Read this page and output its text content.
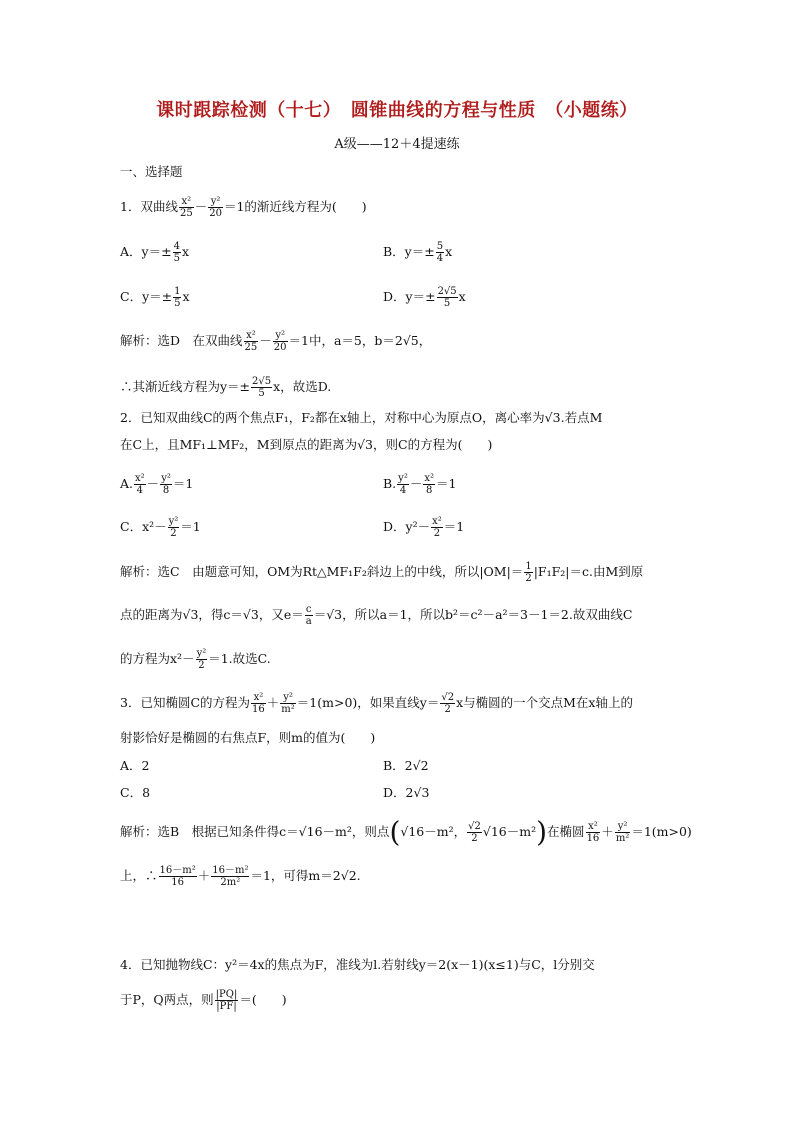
课时跟踪检测（十七）　圆锥曲线的方程与性质　（小题练）
A级——12＋4提速练
一、选择题
1．双曲线 $\frac{\text{x²}}{25} - \frac{\text{y²}}{20} =1$的渐近线方程为(　　)
A．$y=\pm \frac{4}{5}$ x	B．$y=\pm \frac{5}{4}$ x
C．$y=\pm \frac{1}{5}$ x	D．$y=\pm \frac{2√5}{5}$ x
解析：选D　在双曲线 $\frac{\text{x²}}{25} - \frac{\text{y²}}{20} =1$中，a＝5，b＝2√5，
∴其渐近线方程为$y=\pm \frac{2√5}{5}$ x，故选D.
2．已知双曲线C的两个焦点F₁，F₂都在x轴上，对称中心为原点O，离心率为√3.若点M
在C上，且MF₁⊥MF₂，M到原点的距离为√3，则C的方程为(　　)
A. $\frac{\text{x²}}{4} - \frac{\text{y²}}{8} =1$	B. $\frac{\text{y²}}{4} - \frac{\text{x²}}{8} =1$
C．$x^2- \frac{\text{y²}}{2} =1$	D．$y^2- \frac{\text{x²}}{2} =1$
解析：选C　由题意可知，OM为Rt△MF₁F₂斜边上的中线，所以$|OM|= \frac{1}{2} |F_1F_2|=c$.由M到原
点的距离为√3，得c＝√3，又$e= \frac{c}{a} =√3$，所以a＝1，所以b²＝c²－a²＝3－1＝2.故双曲线C
的方程为$x^2- \frac{\text{y²}}{2} =1$.故选C.
3．已知椭圆C的方程为 $\frac{\text{x²}}{16} + \frac{\text{y²}}{\text{m²}} =1(m>0)$，如果直线$y= \frac{√2}{2}$ x与椭圆的一个交点M在x轴上的
射影恰好是椭圆的右焦点F，则m的值为(　　)
A．2	B．2√2
C．8	D．2√3
解析：选B　根据已知条件得c＝√16－m²，则点(√16－m²， $\frac{√2}{2} √16-m^2$)在椭圆 $\frac{\text{x²}}{16} + \frac{\text{y²}}{\text{m²}} =1(m>0)$
上，∴ $\frac{\text{16－m²}}{16} + \frac{\text{16－m²}}{\text{2m²}} =1$，可得m＝2√2.
4．已知抛物线C：y²＝4x的焦点为F，准线为l.若射线y＝2(x－1)(x≤1)与C，l分别交
于P，Q两点，则 $\frac{|PQ|}{|PF|}$ ＝(　　)
